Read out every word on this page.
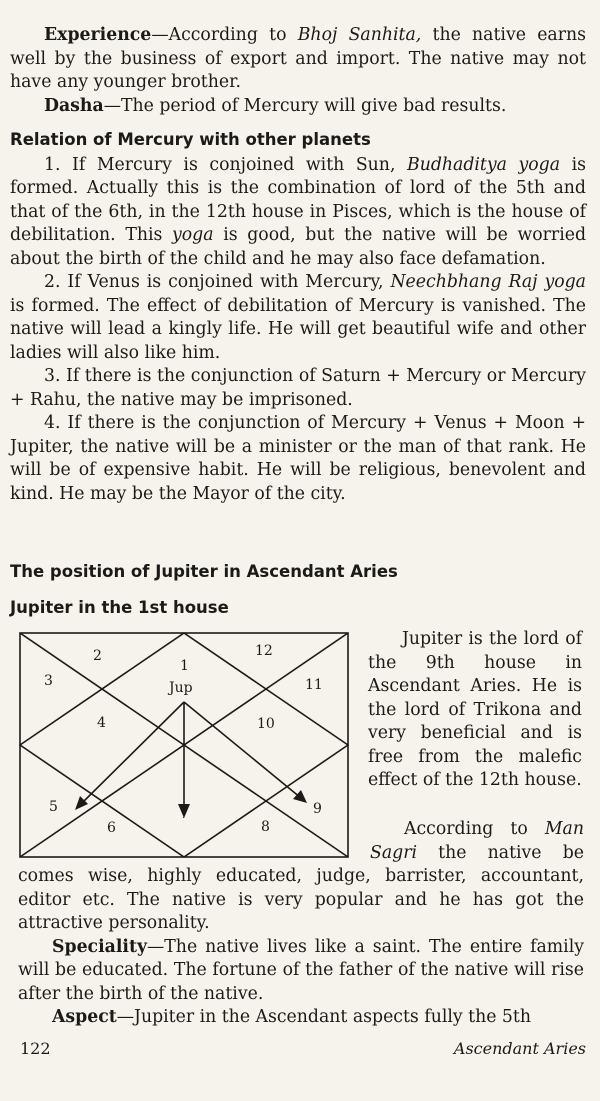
Experience—According to Bhoj Sanhita, the native earns well by the business of export and import. The native may not have any younger brother.

Dasha—The period of Mercury will give bad results.

Relation of Mercury with other planets

1. If Mercury is conjoined with Sun, Budhaditya yoga is formed. Actually this is the combination of lord of the 5th and that of the 6th, in the 12th house in Pisces, which is the house of debilitation. This yoga is good, but the native will be worried about the birth of the child and he may also face defamation.

2. If Venus is conjoined with Mercury, Neechbhang Raj yoga is formed. The effect of debilitation of Mercury is vanished. The native will lead a kingly life. He will get beautiful wife and other ladies will also like him.

3. If there is the conjunction of Saturn + Mercury or Mercury + Rahu, the native may be imprisoned.

4. If there is the conjunction of Mercury + Venus + Moon + Jupiter, the native will be a minister or the man of that rank. He will be of expensive habit. He will be religious, benevolent and kind. He may be the Mayor of the city.

The position of Jupiter in Ascendant Aries
Jupiter in the 1st house
1
Jup
2
3
4
5
6
7
8
9
10
11
12

Jupiter is the lord of the 9th house in Ascendant Aries. He is the lord of Trikona and very beneficial and is free from the malefic effect of the 12th house.

According to Man Sagri the native be comes wise, highly educated, judge, barrister, accountant, editor etc. The native is very popular and he has got the attractive personality.

Speciality—The native lives like a saint. The entire family will be educated. The fortune of the father of the native will rise after the birth of the native.

Aspect—Jupiter in the Ascendant aspects fully the 5th

122	Ascendant Aries
